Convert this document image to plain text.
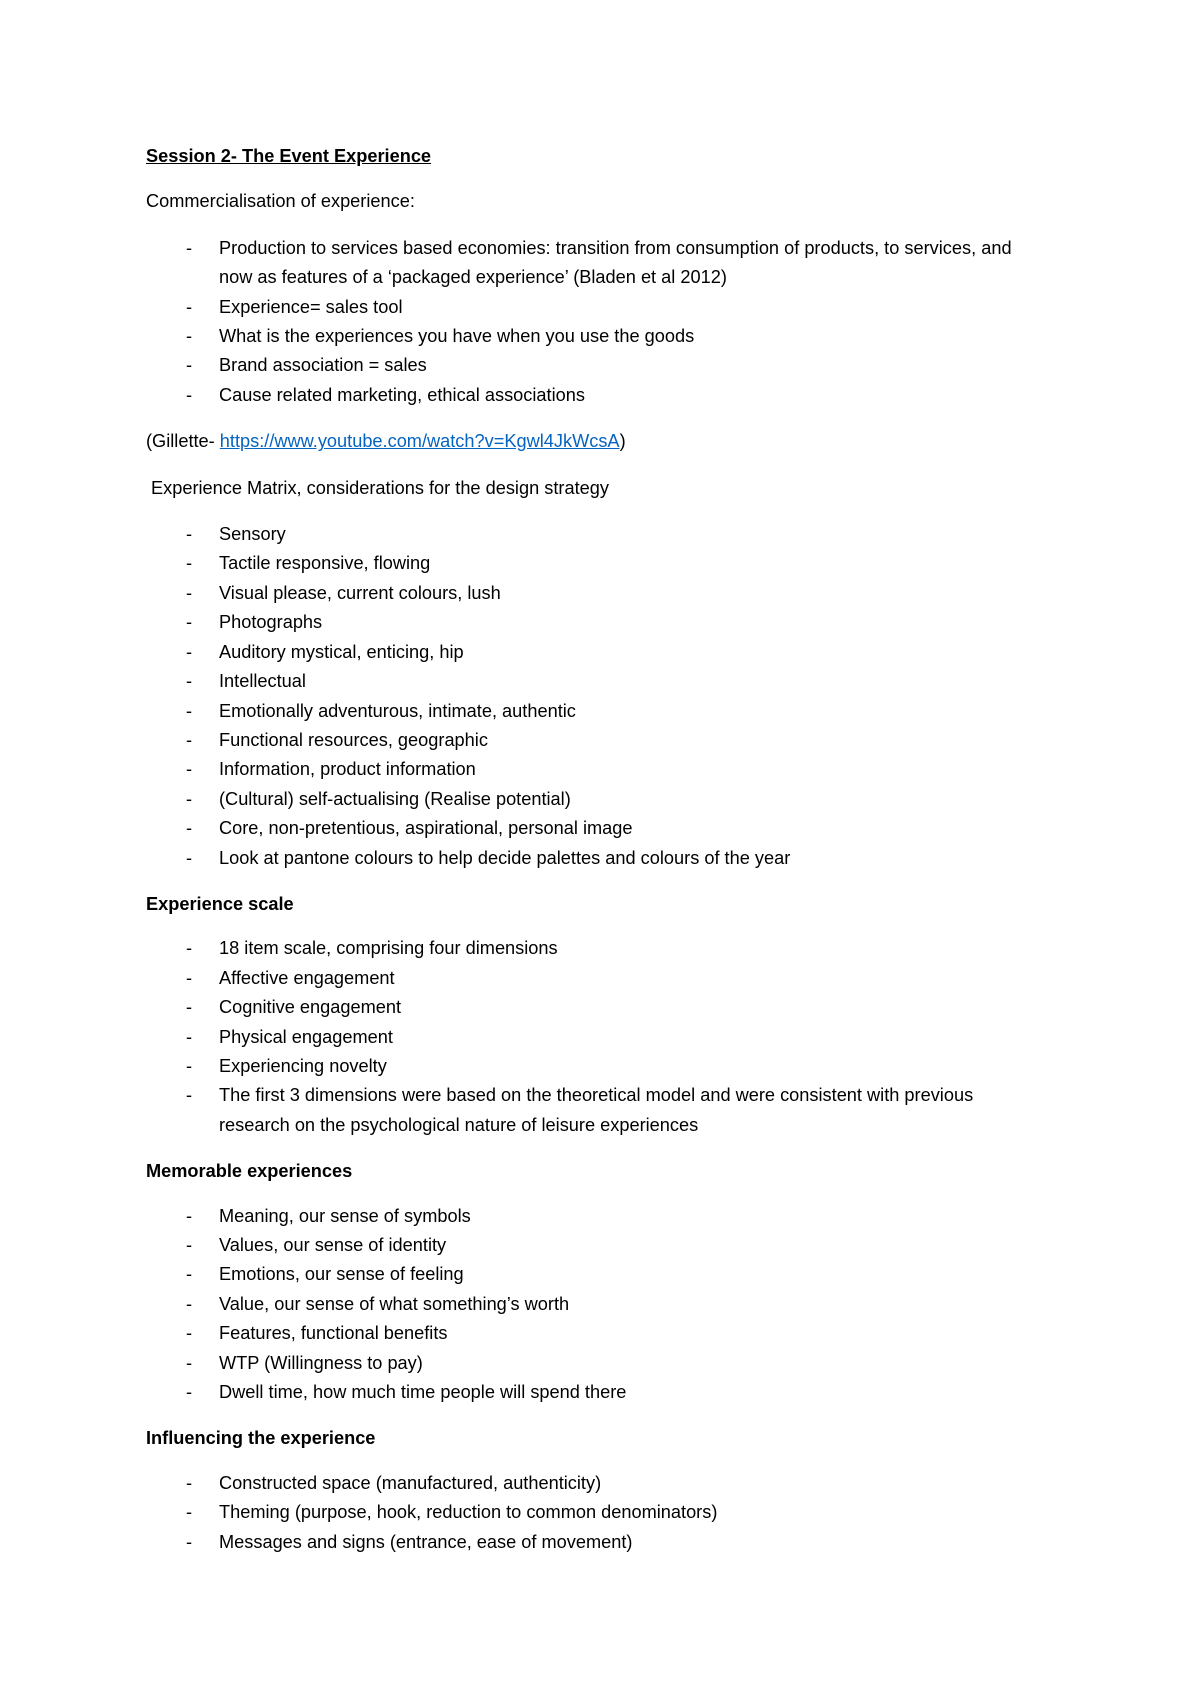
Session 2- The Event Experience
Commercialisation of experience:
- Production to services based economies: transition from consumption of products, to services, and now as features of a ‘packaged experience’ (Bladen et al 2012)
- Experience= sales tool
- What is the experiences you have when you use the goods
- Brand association = sales
- Cause related marketing, ethical associations
(Gillette- https://www.youtube.com/watch?v=Kgwl4JkWcsA)
Experience Matrix, considerations for the design strategy
- Sensory
- Tactile responsive, flowing
- Visual please, current colours, lush
- Photographs
- Auditory mystical, enticing, hip
- Intellectual
- Emotionally adventurous, intimate, authentic
- Functional resources, geographic
- Information, product information
- (Cultural) self-actualising (Realise potential)
- Core, non-pretentious, aspirational, personal image
- Look at pantone colours to help decide palettes and colours of the year
Experience scale
- 18 item scale, comprising four dimensions
- Affective engagement
- Cognitive engagement
- Physical engagement
- Experiencing novelty
- The first 3 dimensions were based on the theoretical model and were consistent with previous research on the psychological nature of leisure experiences
Memorable experiences
- Meaning, our sense of symbols
- Values, our sense of identity
- Emotions, our sense of feeling
- Value, our sense of what something’s worth
- Features, functional benefits
- WTP (Willingness to pay)
- Dwell time, how much time people will spend there
Influencing the experience
- Constructed space (manufactured, authenticity)
- Theming (purpose, hook, reduction to common denominators)
- Messages and signs (entrance, ease of movement)
